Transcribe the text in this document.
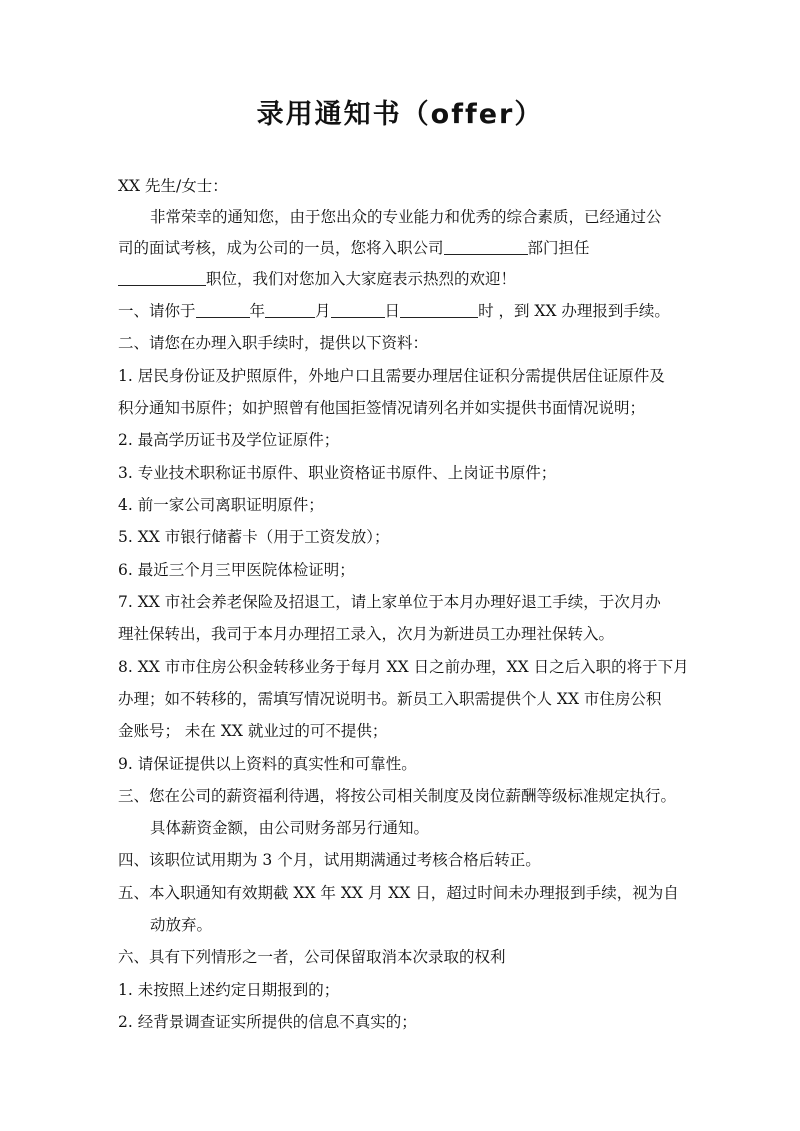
录用通知书（offer）
XX 先生/女士：
非常荣幸的通知您，由于您出众的专业能力和优秀的综合素质，已经通过公
司的面试考核，成为公司的一员，您将入职公司	部门担任
职位，我们对您加入大家庭表示热烈的欢迎！
一、请你于	年	月	日	时 ，到 XX 办理报到手续。
二、请您在办理入职手续时，提供以下资料：
1. 居民身份证及护照原件，外地户口且需要办理居住证积分需提供居住证原件及
积分通知书原件；如护照曾有他国拒签情况请列名并如实提供书面情况说明；
2. 最高学历证书及学位证原件；
3. 专业技术职称证书原件、职业资格证书原件、上岗证书原件；
4. 前一家公司离职证明原件；
5. XX 市银行储蓄卡（用于工资发放）；
6. 最近三个月三甲医院体检证明；
7. XX 市社会养老保险及招退工，请上家单位于本月办理好退工手续，于次月办
理社保转出，我司于本月办理招工录入，次月为新进员工办理社保转入。
8. XX 市市住房公积金转移业务于每月 XX 日之前办理，XX 日之后入职的将于下月
办理；如不转移的，需填写情况说明书。新员工入职需提供个人 XX 市住房公积
金账号； 未在 XX 就业过的可不提供；
9. 请保证提供以上资料的真实性和可靠性。
三、您在公司的薪资福利待遇，将按公司相关制度及岗位薪酬等级标准规定执行。
具体薪资金额，由公司财务部另行通知。
四、该职位试用期为 3 个月，试用期满通过考核合格后转正。
五、本入职通知有效期截 XX 年 XX 月 XX 日，超过时间未办理报到手续，视为自
动放弃。
六、具有下列情形之一者，公司保留取消本次录取的权利
1. 未按照上述约定日期报到的；
2. 经背景调查证实所提供的信息不真实的；
